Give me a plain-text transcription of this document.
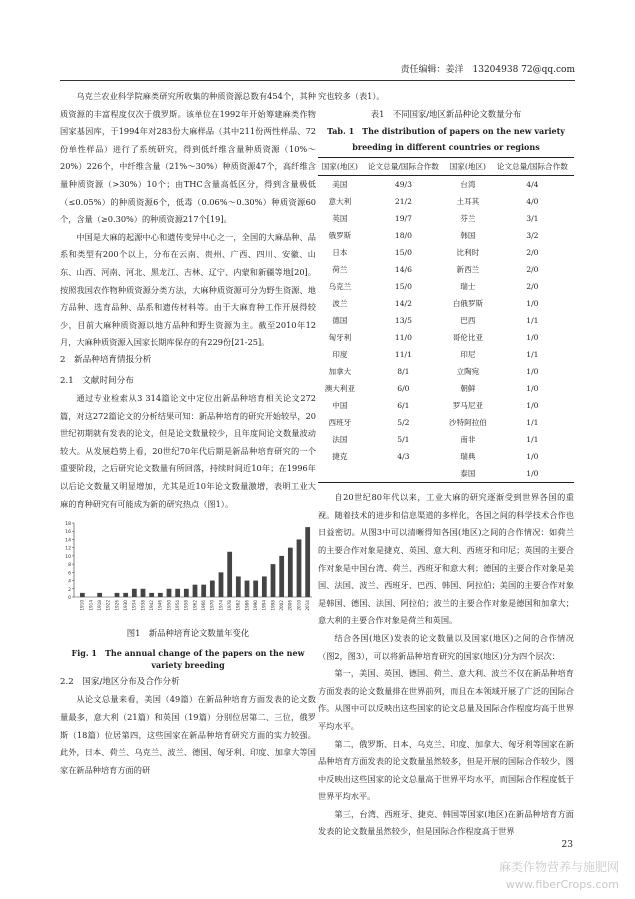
责任编辑：姜洋　13204938 72@qq.com

乌克兰农业科学院麻类研究所收集的种质资源总数有454个，其种质资源的丰富程度仅次于俄罗斯。该单位在1992年开始筹建麻类作物国家基因库，于1994年对283份大麻样品（其中211份两性样品、72份单性样品）进行了系统研究，得到低纤维含量种质资源（10%～20%）226个，中纤维含量（21%～30%）种质资源47个，高纤维含量种质资源（>30%）10个；由THC含量高低区分，得到含量极低（≤0.05%）的种质资源6个，低毒（0.06%～0.30%）种质资源60个，含量（≥0.30%）的种质资源217个[19]。

中国是大麻的起源中心和遗传变异中心之一，全国的大麻品种、品系和类型有200个以上，分布在云南、贵州、广西、四川、安徽、山东、山西、河南、河北、黑龙江、吉林、辽宁、内蒙和新疆等地[20]。按照我国农作物种质资源分类方法，大麻种质资源可分为野生资源、地方品种、选育品种、品系和遗传材料等。由于大麻育种工作开展得较少，目前大麻种质资源以地方品种和野生资源为主。截至2010年12月，大麻种质资源入国家长期库保存的有229份[21-25]。

2　新品种培育情报分析

2.1　文献时间分布

通过专业检索从3 314篇论文中定位出新品种培育相关论文272篇，对这272篇论文的分析结果可知：新品种培育的研究开始较早，20世纪初期就有发表的论文，但是论文数量较少，且年度间论文数量波动较大。从发展趋势上看，20世纪70年代后期是新品种培育研究的一个重要阶段，之后研究论文数量有所回落，持续时间近10年；在1996年以后论文数量又明显增加，尤其是近10年论文数量激增，表明工业大麻的育种研究有可能成为新的研究热点（图1）。

0
2
4
6
8
10
12
14
16
18
1910 1914 1918 1922 1926 1930 1934 1938 1942 1946 1950 1954 1958 1962 1966 1970 1974 1978 1982 1986 1990 1994 1998 2002 2006 2010 2014
图1　新品种培育论文数量年变化
Fig. 1　The annual change of the papers on the new variety breeding

2.2　国家/地区分布及合作分析

从论文总量来看，美国（49篇）在新品种培育方面发表的论文数量最多，意大利（21篇）和英国（19篇）分别位居第二、三位，俄罗斯（18篇）位居第四，这些国家在新品种培育研究方面的实力较强。此外，日本、荷兰、乌克兰、波兰、德国、匈牙利、印度、加拿大等国家在新品种培育方面的研

究也较多（表1）。

表1　不同国家/地区新品种论文数量分布
Tab. 1　The distribution of papers on the new variety breeding in different countries or regions
国家(地区)	论文总量/国际合作数	国家(地区)	论文总量/国际合作数
美国	49/3	台湾	4/4
意大利	21/2	土耳其	4/0
英国	19/7	芬兰	3/1
俄罗斯	18/0	韩国	3/2
日本	15/0	比利时	2/0
荷兰	14/6	新西兰	2/0
乌克兰	15/0	瑞士	2/0
波兰	14/2	白俄罗斯	1/0
德国	13/5	巴西	1/1
匈牙利	11/0	哥伦比亚	1/0
印度	11/1	印尼	1/1
加拿大	8/1	立陶宛	1/0
澳大利亚	6/0	朝鲜	1/0
中国	6/1	罗马尼亚	1/0
西班牙	5/2	沙特阿拉伯	1/1
法国	5/1	南非	1/1
捷克	4/3	瑞典	1/0
		泰国	1/0

自20世纪80年代以来，工业大麻的研究逐渐受到世界各国的重视。随着技术的进步和信息渠道的多样化，各国之间的科学技术合作也日益密切。从图3中可以清晰得知各国(地区)之间的合作情况：如荷兰的主要合作对象是捷克、英国、意大利、西班牙和印尼；英国的主要合作对象是中国台湾、荷兰、西班牙和意大利；德国的主要合作对象是美国、法国、波兰、西班牙、巴西、韩国、阿拉伯；美国的主要合作对象是韩国、德国、法国、阿拉伯；波兰的主要合作对象是德国和加拿大；意大利的主要合作对象是荷兰和英国。

结合各国(地区)发表的论文数量以及国家(地区)之间的合作情况（图2，图3），可以将新品种培育研究的国家(地区)分为四个层次：

第一，美国、英国、德国、荷兰、意大利、波兰不仅在新品种培育方面发表的论文数量排在世界前列，而且在本领域开展了广泛的国际合作。从图中可以反映出这些国家的论文总量及国际合作程度均高于世界平均水平。

第二，俄罗斯、日本、乌克兰、印度、加拿大、匈牙利等国家在新品种培育方面发表的论文数量虽然较多，但是开展的国际合作较少，图中反映出这些国家的论文总量高于世界平均水平，而国际合作程度低于世界平均水平。

第三，台湾、西班牙、捷克、韩国等国家(地区)在新品种培育方面发表的论文数量虽然较少，但是国际合作程度高于世界

23
麻类作物营养与施肥网
www.fiberCrops.com
